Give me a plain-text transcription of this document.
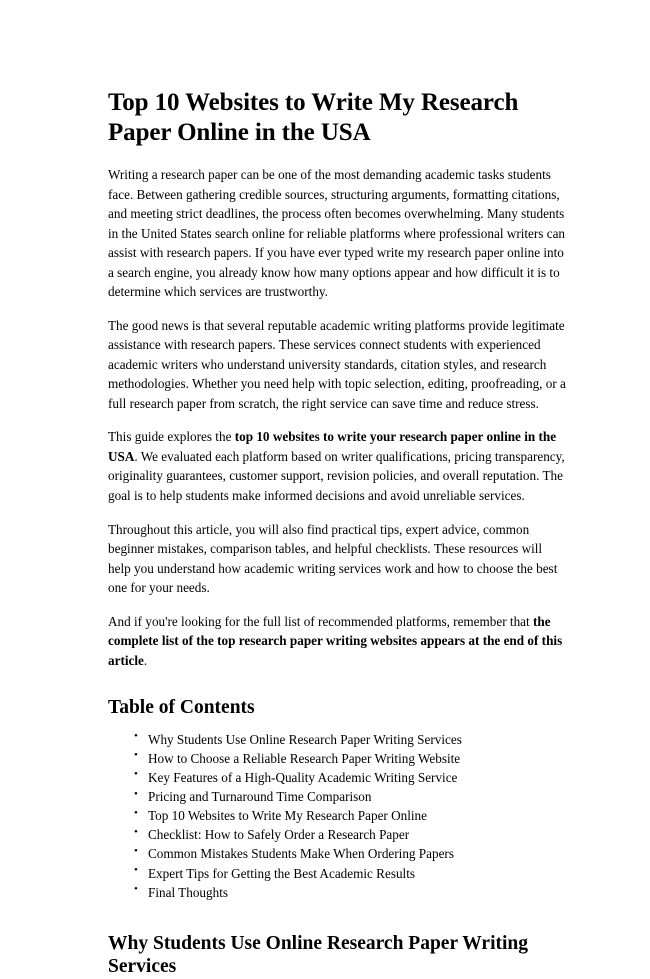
Top 10 Websites to Write My Research Paper Online in the USA

Writing a research paper can be one of the most demanding academic tasks students face. Between gathering credible sources, structuring arguments, formatting citations, and meeting strict deadlines, the process often becomes overwhelming. Many students in the United States search online for reliable platforms where professional writers can assist with research papers. If you have ever typed write my research paper online into a search engine, you already know how many options appear and how difficult it is to determine which services are trustworthy.

The good news is that several reputable academic writing platforms provide legitimate assistance with research papers. These services connect students with experienced academic writers who understand university standards, citation styles, and research methodologies. Whether you need help with topic selection, editing, proofreading, or a full research paper from scratch, the right service can save time and reduce stress.

This guide explores the top 10 websites to write your research paper online in the USA. We evaluated each platform based on writer qualifications, pricing transparency, originality guarantees, customer support, revision policies, and overall reputation. The goal is to help students make informed decisions and avoid unreliable services.

Throughout this article, you will also find practical tips, expert advice, common beginner mistakes, comparison tables, and helpful checklists. These resources will help you understand how academic writing services work and how to choose the best one for your needs.

And if you're looking for the full list of recommended platforms, remember that the complete list of the top research paper writing websites appears at the end of this article.

Table of Contents
• Why Students Use Online Research Paper Writing Services
• How to Choose a Reliable Research Paper Writing Website
• Key Features of a High-Quality Academic Writing Service
• Pricing and Turnaround Time Comparison
• Top 10 Websites to Write My Research Paper Online
• Checklist: How to Safely Order a Research Paper
• Common Mistakes Students Make When Ordering Papers
• Expert Tips for Getting the Best Academic Results
• Final Thoughts
Why Students Use Online Research Paper Writing Services
